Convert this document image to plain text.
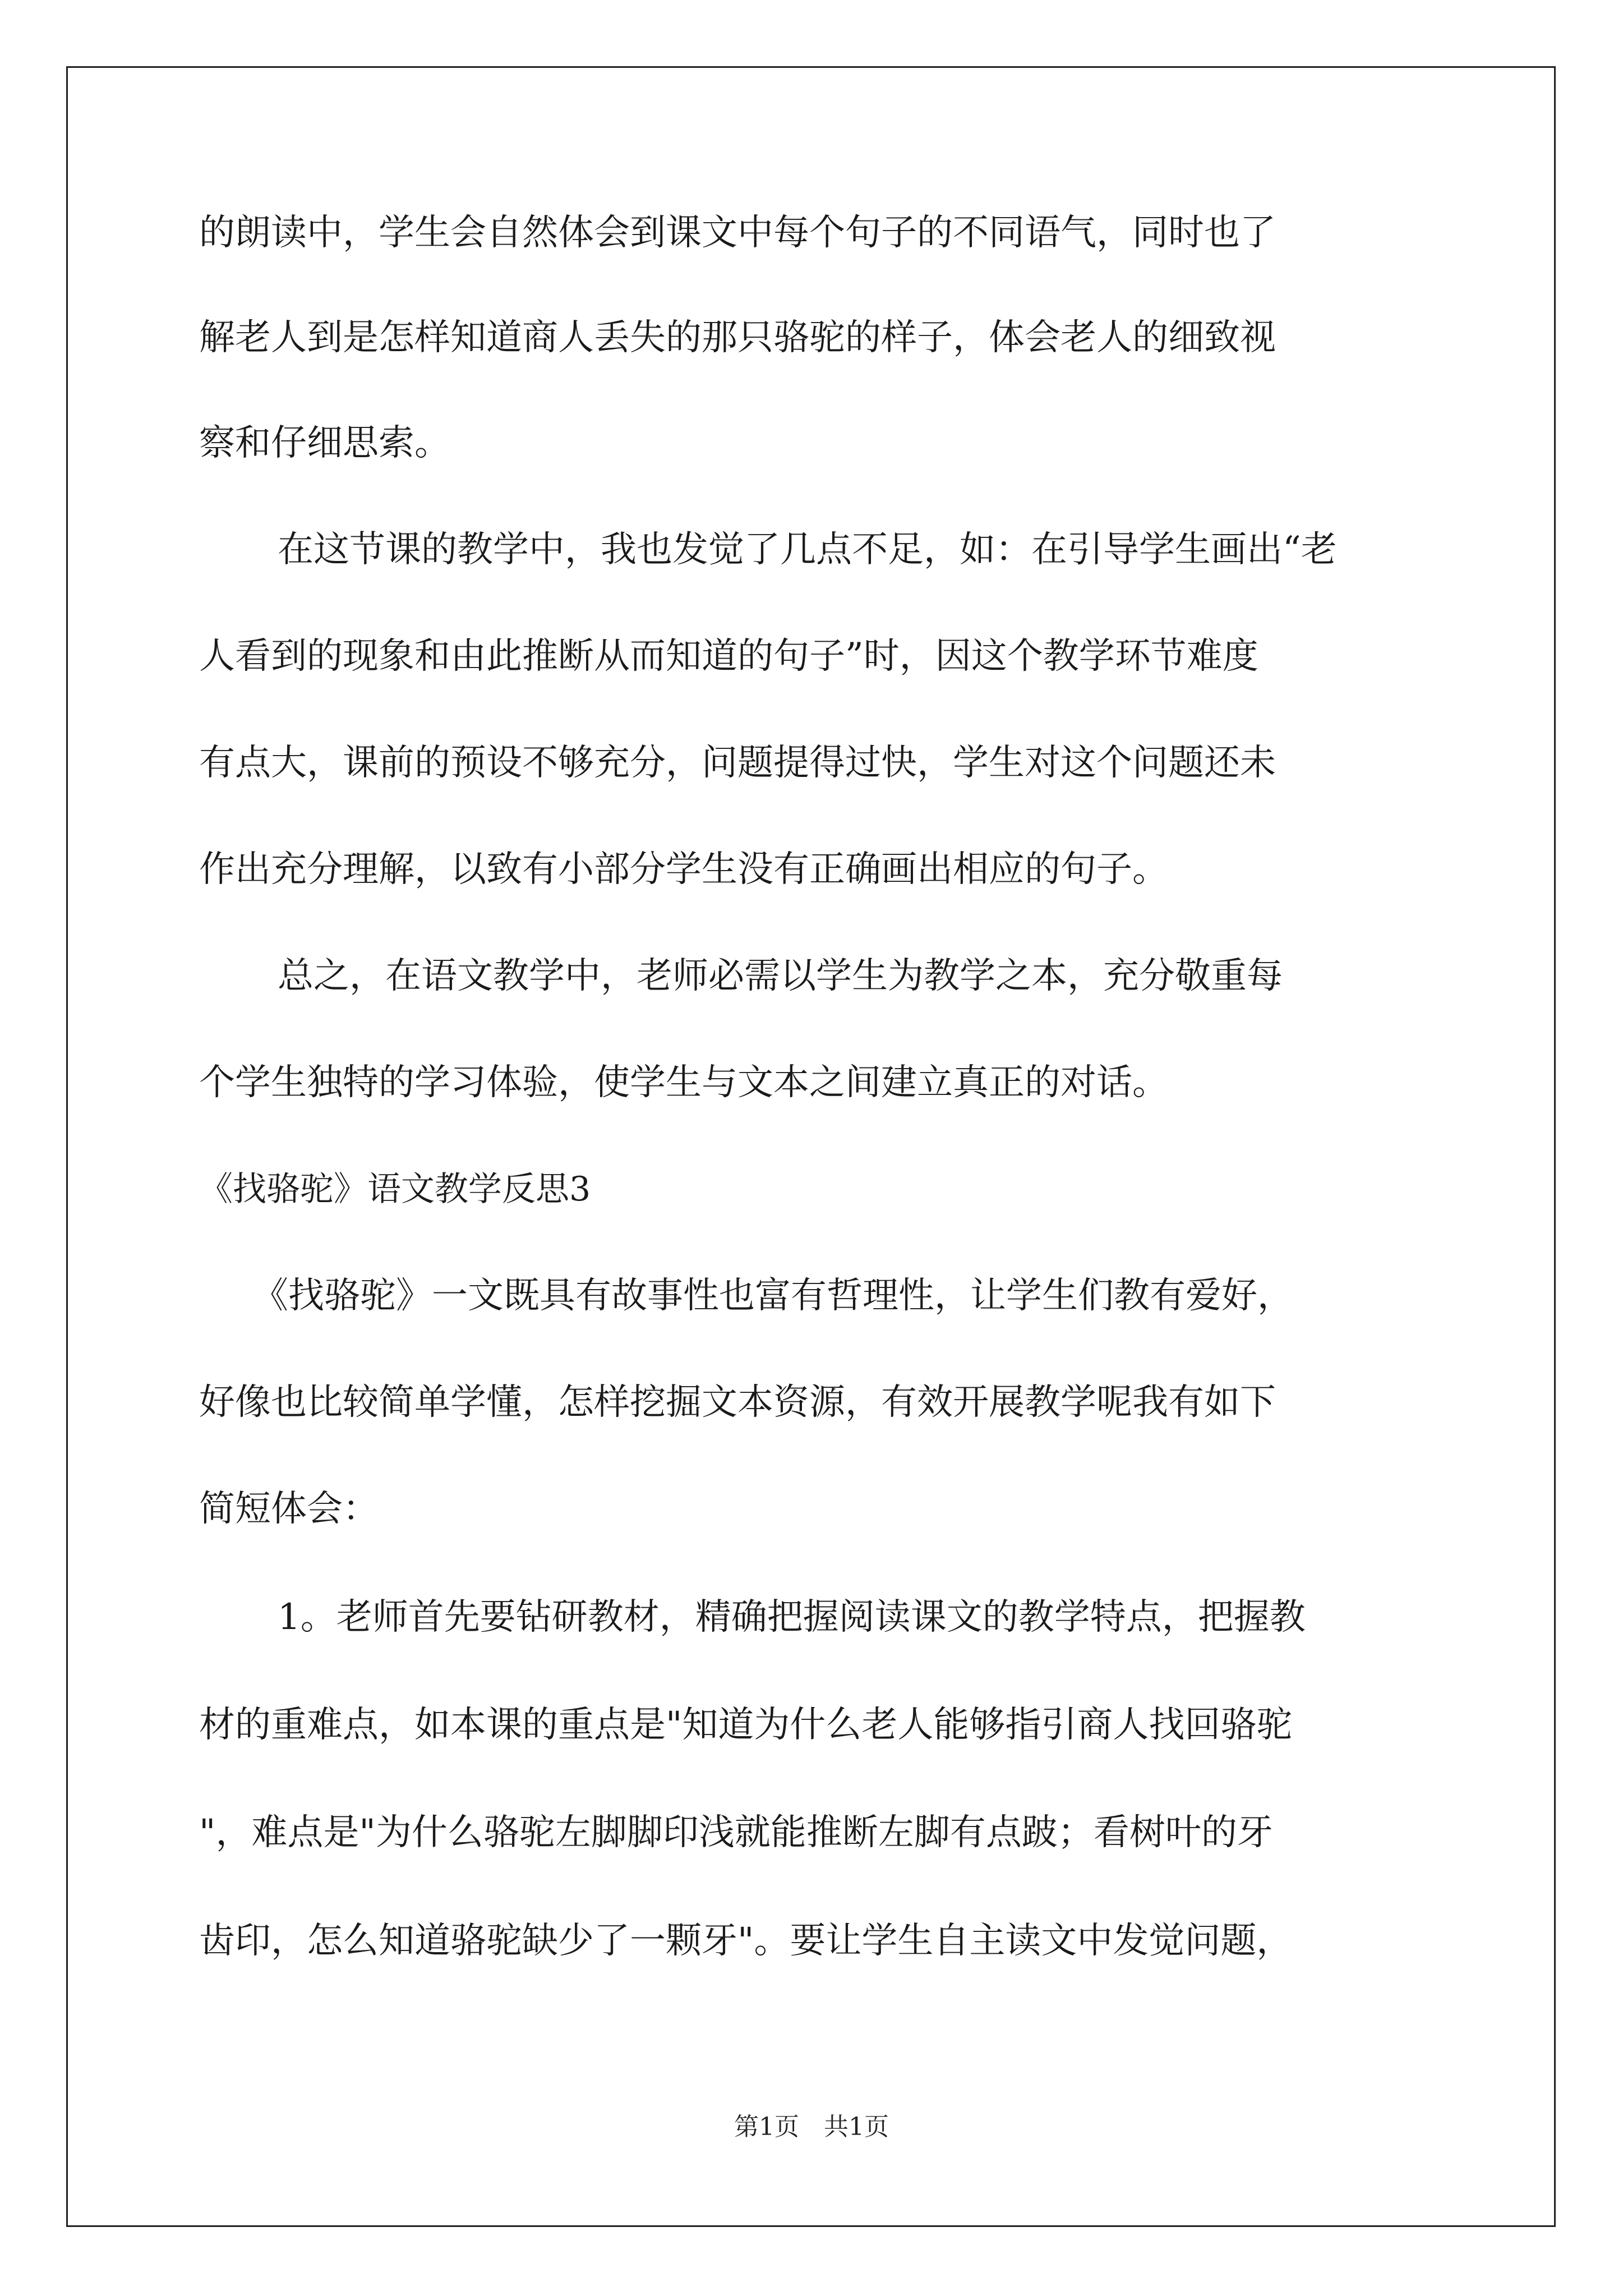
的朗读中，学生会自然体会到课文中每个句子的不同语气，同时也了
解老人到是怎样知道商人丢失的那只骆驼的样子，体会老人的细致视
察和仔细思索。
在这节课的教学中，我也发觉了几点不足，如：在引导学生画出“老
人看到的现象和由此推断从而知道的句子”时，因这个教学环节难度
有点大，课前的预设不够充分，问题提得过快，学生对这个问题还未
作出充分理解，以致有小部分学生没有正确画出相应的句子。
总之，在语文教学中，老师必需以学生为教学之本，充分敬重每
个学生独特的学习体验，使学生与文本之间建立真正的对话。
《找骆驼》语文教学反思3
《找骆驼》一文既具有故事性也富有哲理性，让学生们教有爱好，
好像也比较简单学懂，怎样挖掘文本资源，有效开展教学呢我有如下
简短体会：
1。老师首先要钻研教材，精确把握阅读课文的教学特点，把握教
材的重难点，如本课的重点是"知道为什么老人能够指引商人找回骆驼
"，难点是"为什么骆驼左脚脚印浅就能推断左脚有点跛；看树叶的牙
齿印，怎么知道骆驼缺少了一颗牙"。要让学生自主读文中发觉问题，
第1页　共1页
